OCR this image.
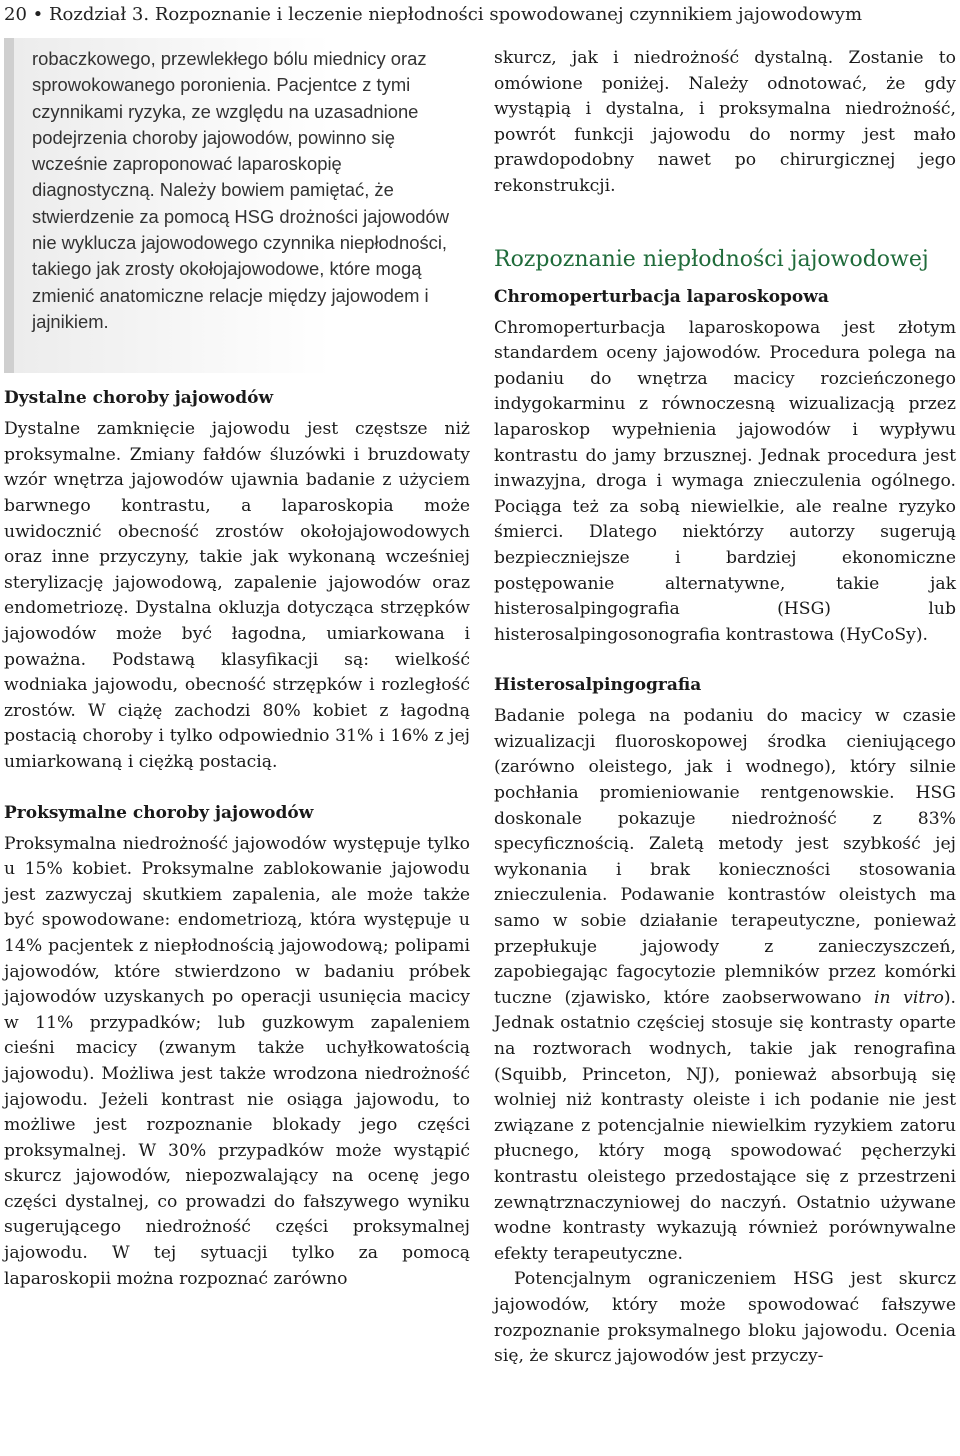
20 • Rozdział 3. Rozpoznanie i leczenie niepłodności spowodowanej czynnikiem jajowodowym

robaczkowego, przewlekłego bólu miednicy oraz sprowokowanego poronienia. Pacjentce z tymi czynnikami ryzyka, ze względu na uzasadnione podejrzenia choroby jajowodów, powinno się wcześnie zaproponować laparoskopię diagnostyczną. Należy bowiem pamiętać, że stwierdzenie za pomocą HSG drożności jajowodów nie wyklucza jajowodowego czynnika niepłodności, takiego jak zrosty okołojajowodowe, które mogą zmienić anatomiczne relacje między jajowodem i jajnikiem.

Dystalne choroby jajowodów

Dystalne zamknięcie jajowodu jest częstsze niż proksymalne. Zmiany fałdów śluzówki i bruzdowaty wzór wnętrza jajowodów ujawnia badanie z użyciem barwnego kontrastu, a laparoskopia może uwidocznić obecność zrostów okołojajowodowych oraz inne przyczyny, takie jak wykonaną wcześniej sterylizację jajowodową, zapalenie jajowodów oraz endometriozę. Dystalna okluzja dotycząca strzępków jajowodów może być łagodna, umiarkowana i poważna. Podstawą klasyfikacji są: wielkość wodniaka jajowodu, obecność strzępków i rozległość zrostów. W ciążę zachodzi 80% kobiet z łagodną postacią choroby i tylko odpowiednio 31% i 16% z jej umiarkowaną i ciężką postacią.

Proksymalne choroby jajowodów

Proksymalna niedrożność jajowodów występuje tylko u 15% kobiet. Proksymalne zablokowanie jajowodu jest zazwyczaj skutkiem zapalenia, ale może także być spowodowane: endometriozą, która występuje u 14% pacjentek z niepłodnością jajowodową; polipami jajowodów, które stwierdzono w badaniu próbek jajowodów uzyskanych po operacji usunięcia macicy w 11% przypadków; lub guzkowym zapaleniem cieśni macicy (zwanym także uchyłkowatością jajowodu). Możliwa jest także wrodzona niedrożność jajowodu. Jeżeli kontrast nie osiąga jajowodu, to możliwe jest rozpoznanie blokady jego części proksymalnej. W 30% przypadków może wystąpić skurcz jajowodów, niepozwalający na ocenę jego części dystalnej, co prowadzi do fałszywego wyniku sugerującego niedrożność części proksymalnej jajowodu. W tej sytuacji tylko za pomocą laparoskopii można rozpoznać zarówno

skurcz, jak i niedrożność dystalną. Zostanie to omówione poniżej. Należy odnotować, że gdy wystąpią i dystalna, i proksymalna niedrożność, powrót funkcji jajowodu do normy jest mało prawdopodobny nawet po chirurgicznej jego rekonstrukcji.

Rozpoznanie niepłodności jajowodowej
Chromoperturbacja laparoskopowa

Chromoperturbacja laparoskopowa jest złotym standardem oceny jajowodów. Procedura polega na podaniu do wnętrza macicy rozcieńczonego indygokarminu z równoczesną wizualizacją przez laparoskop wypełnienia jajowodów i wypływu kontrastu do jamy brzusznej. Jednak procedura jest inwazyjna, droga i wymaga znieczulenia ogólnego. Pociąga też za sobą niewielkie, ale realne ryzyko śmierci. Dlatego niektórzy autorzy sugerują bezpieczniejsze i bardziej ekonomiczne postępowanie alternatywne, takie jak histerosalpingografia (HSG) lub histerosalpingosonografia kontrastowa (HyCoSy).

Histerosalpingografia

Badanie polega na podaniu do macicy w czasie wizualizacji fluoroskopowej środka cieniującego (zarówno oleistego, jak i wodnego), który silnie pochłania promieniowanie rentgenowskie. HSG doskonale pokazuje niedrożność z 83% specyficznością. Zaletą metody jest szybkość jej wykonania i brak konieczności stosowania znieczulenia. Podawanie kontrastów oleistych ma samo w sobie działanie terapeutyczne, ponieważ przepłukuje jajowody z zanieczyszczeń, zapobiegając fagocytozie plemników przez komórki tuczne (zjawisko, które zaobserwowano in vitro). Jednak ostatnio częściej stosuje się kontrasty oparte na roztworach wodnych, takie jak renografina (Squibb, Princeton, NJ), ponieważ absorbują się wolniej niż kontrasty oleiste i ich podanie nie jest związane z potencjalnie niewielkim ryzykiem zatoru płucnego, który mogą spowodować pęcherzyki kontrastu oleistego przedostające się z przestrzeni zewnątrznaczyniowej do naczyń. Ostatnio używane wodne kontrasty wykazują również porównywalne efekty terapeutyczne.

Potencjalnym ograniczeniem HSG jest skurcz jajowodów, który może spowodować fałszywe rozpoznanie proksymalnego bloku jajowodu. Ocenia się, że skurcz jajowodów jest przyczy-
